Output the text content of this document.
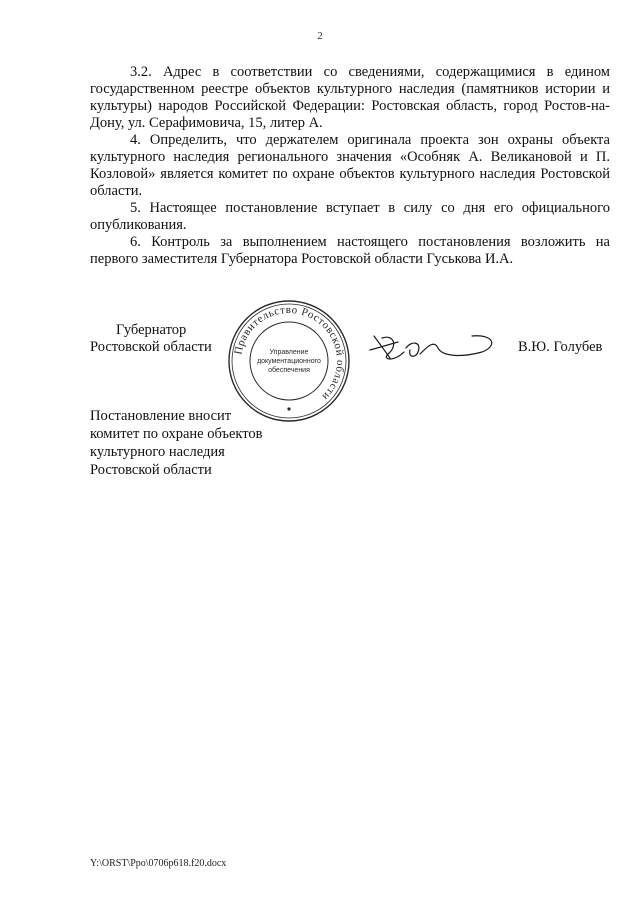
2

3.2. Адрес в соответствии со сведениями, содержащимися в едином государственном реестре объектов культурного наследия (памятников истории и культуры) народов Российской Федерации: Ростовская область, город Ростов-на-Дону, ул. Серафимовича, 15, литер А.

4. Определить, что держателем оригинала проекта зон охраны объекта культурного наследия регионального значения «Особняк А. Великановой и П. Козловой» является комитет по охране объектов культурного наследия Ростовской области.

5. Настоящее постановление вступает в силу со дня его официального опубликования.

6. Контроль за выполнением настоящего постановления возложить на первого заместителя Губернатора Ростовской области Гуськова И.А.

Губернатор
Ростовской области	Правительство Ростовской области
Управление
документационного
обеспечения
В.Ю. Голубев
Постановление вносит
комитет по охране объектов
культурного наследия
Ростовской области
Y:\ORST\Ppo\0706p618.f20.docx
